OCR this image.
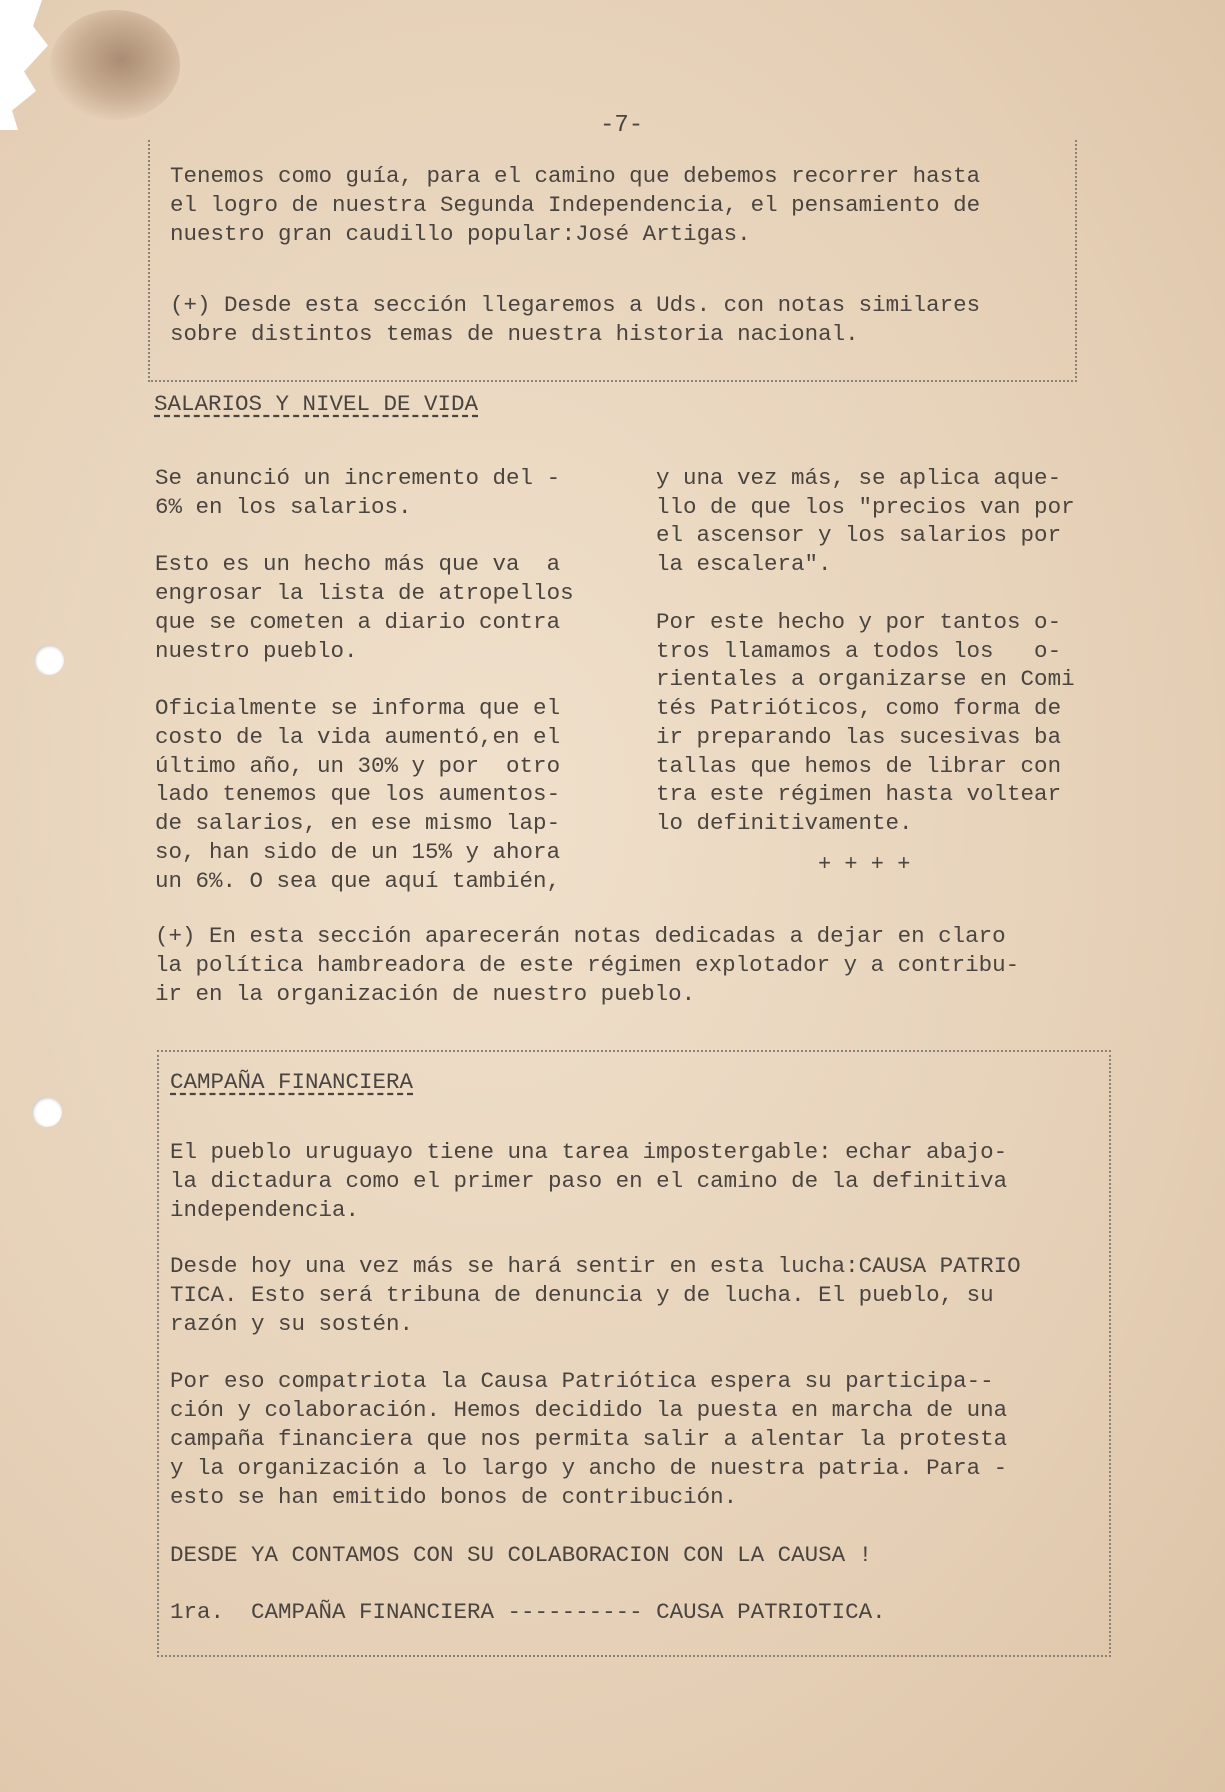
-7-
Tenemos como guía, para el camino que debemos recorrer hasta
el logro de nuestra Segunda Independencia, el pensamiento de
nuestro gran caudillo popular:José Artigas.
(+) Desde esta sección llegaremos a Uds. con notas similares
sobre distintos temas de nuestra historia nacional.
SALARIOS Y NIVEL DE VIDA
Se anunció un incremento del -
6% en los salarios.
Esto es un hecho más que va  a
engrosar la lista de atropellos
que se cometen a diario contra
nuestro pueblo.
Oficialmente se informa que el
costo de la vida aumentó,en el
último año, un 30% y por  otro
lado tenemos que los aumentos-
de salarios, en ese mismo lap-
so, han sido de un 15% y ahora
un 6%. O sea que aquí también,
y una vez más, se aplica aque-
llo de que los "precios van por
el ascensor y los salarios por
la escalera".
Por este hecho y por tantos o-
tros llamamos a todos los   o-
rientales a organizarse en Comi
tés Patrióticos, como forma de
ir preparando las sucesivas ba
tallas que hemos de librar con
tra este régimen hasta voltear
lo definitivamente.
+ + + +
(+) En esta sección aparecerán notas dedicadas a dejar en claro
la política hambreadora de este régimen explotador y a contribu-
ir en la organización de nuestro pueblo.
CAMPAÑA FINANCIERA
El pueblo uruguayo tiene una tarea impostergable: echar abajo-
la dictadura como el primer paso en el camino de la definitiva
independencia.
Desde hoy una vez más se hará sentir en esta lucha:CAUSA PATRIO
TICA. Esto será tribuna de denuncia y de lucha. El pueblo, su
razón y su sostén.
Por eso compatriota la Causa Patriótica espera su participa--
ción y colaboración. Hemos decidido la puesta en marcha de una
campaña financiera que nos permita salir a alentar la protesta
y la organización a lo largo y ancho de nuestra patria. Para -
esto se han emitido bonos de contribución.
DESDE YA CONTAMOS CON SU COLABORACION CON LA CAUSA !
1ra.  CAMPAÑA FINANCIERA ---------- CAUSA PATRIOTICA.
